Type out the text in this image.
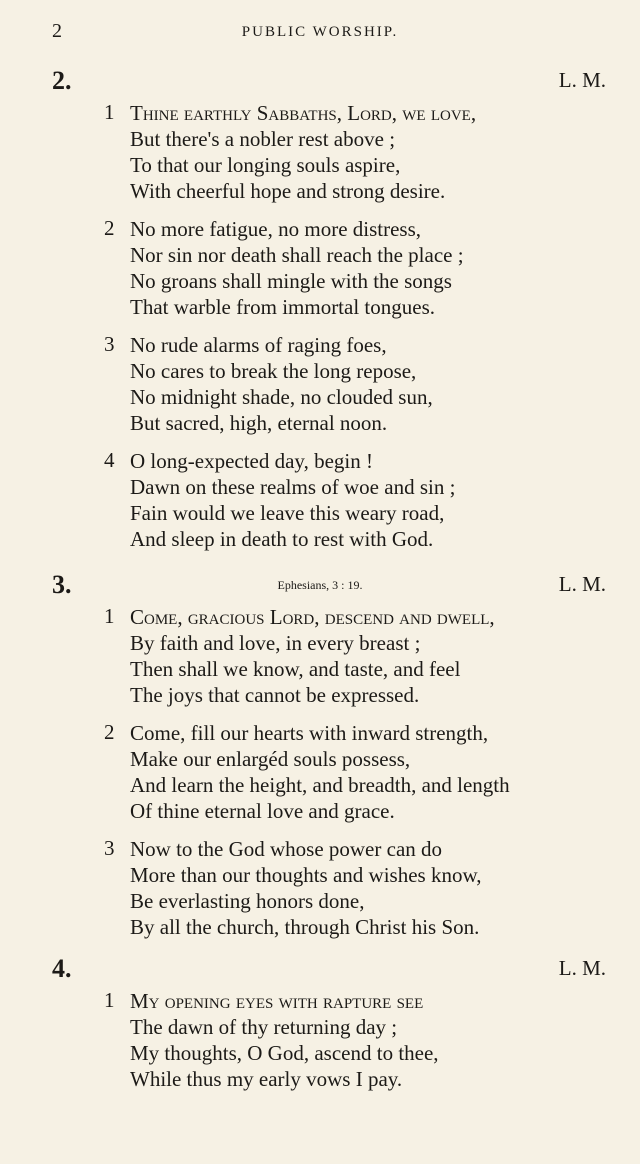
2	PUBLIC WORSHIP.
2.	L. M.
1 Thine earthly Sabbaths, Lord, we love,
But there's a nobler rest above ;
To that our longing souls aspire,
With cheerful hope and strong desire.
2 No more fatigue, no more distress,
Nor sin nor death shall reach the place ;
No groans shall mingle with the songs
That warble from immortal tongues.
3 No rude alarms of raging foes,
No cares to break the long repose,
No midnight shade, no clouded sun,
But sacred, high, eternal noon.
4 O long-expected day, begin !
Dawn on these realms of woe and sin ;
Fain would we leave this weary road,
And sleep in death to rest with God.
3.	Ephesians, 3 : 19.	L. M.
1 Come, gracious Lord, descend and dwell,
By faith and love, in every breast ;
Then shall we know, and taste, and feel
The joys that cannot be expressed.
2 Come, fill our hearts with inward strength,
Make our enlargéd souls possess,
And learn the height, and breadth, and length
Of thine eternal love and grace.
3 Now to the God whose power can do
More than our thoughts and wishes know,
Be everlasting honors done,
By all the church, through Christ his Son.
4.	L. M.
1 My opening eyes with rapture see
The dawn of thy returning day ;
My thoughts, O God, ascend to thee,
While thus my early vows I pay.
